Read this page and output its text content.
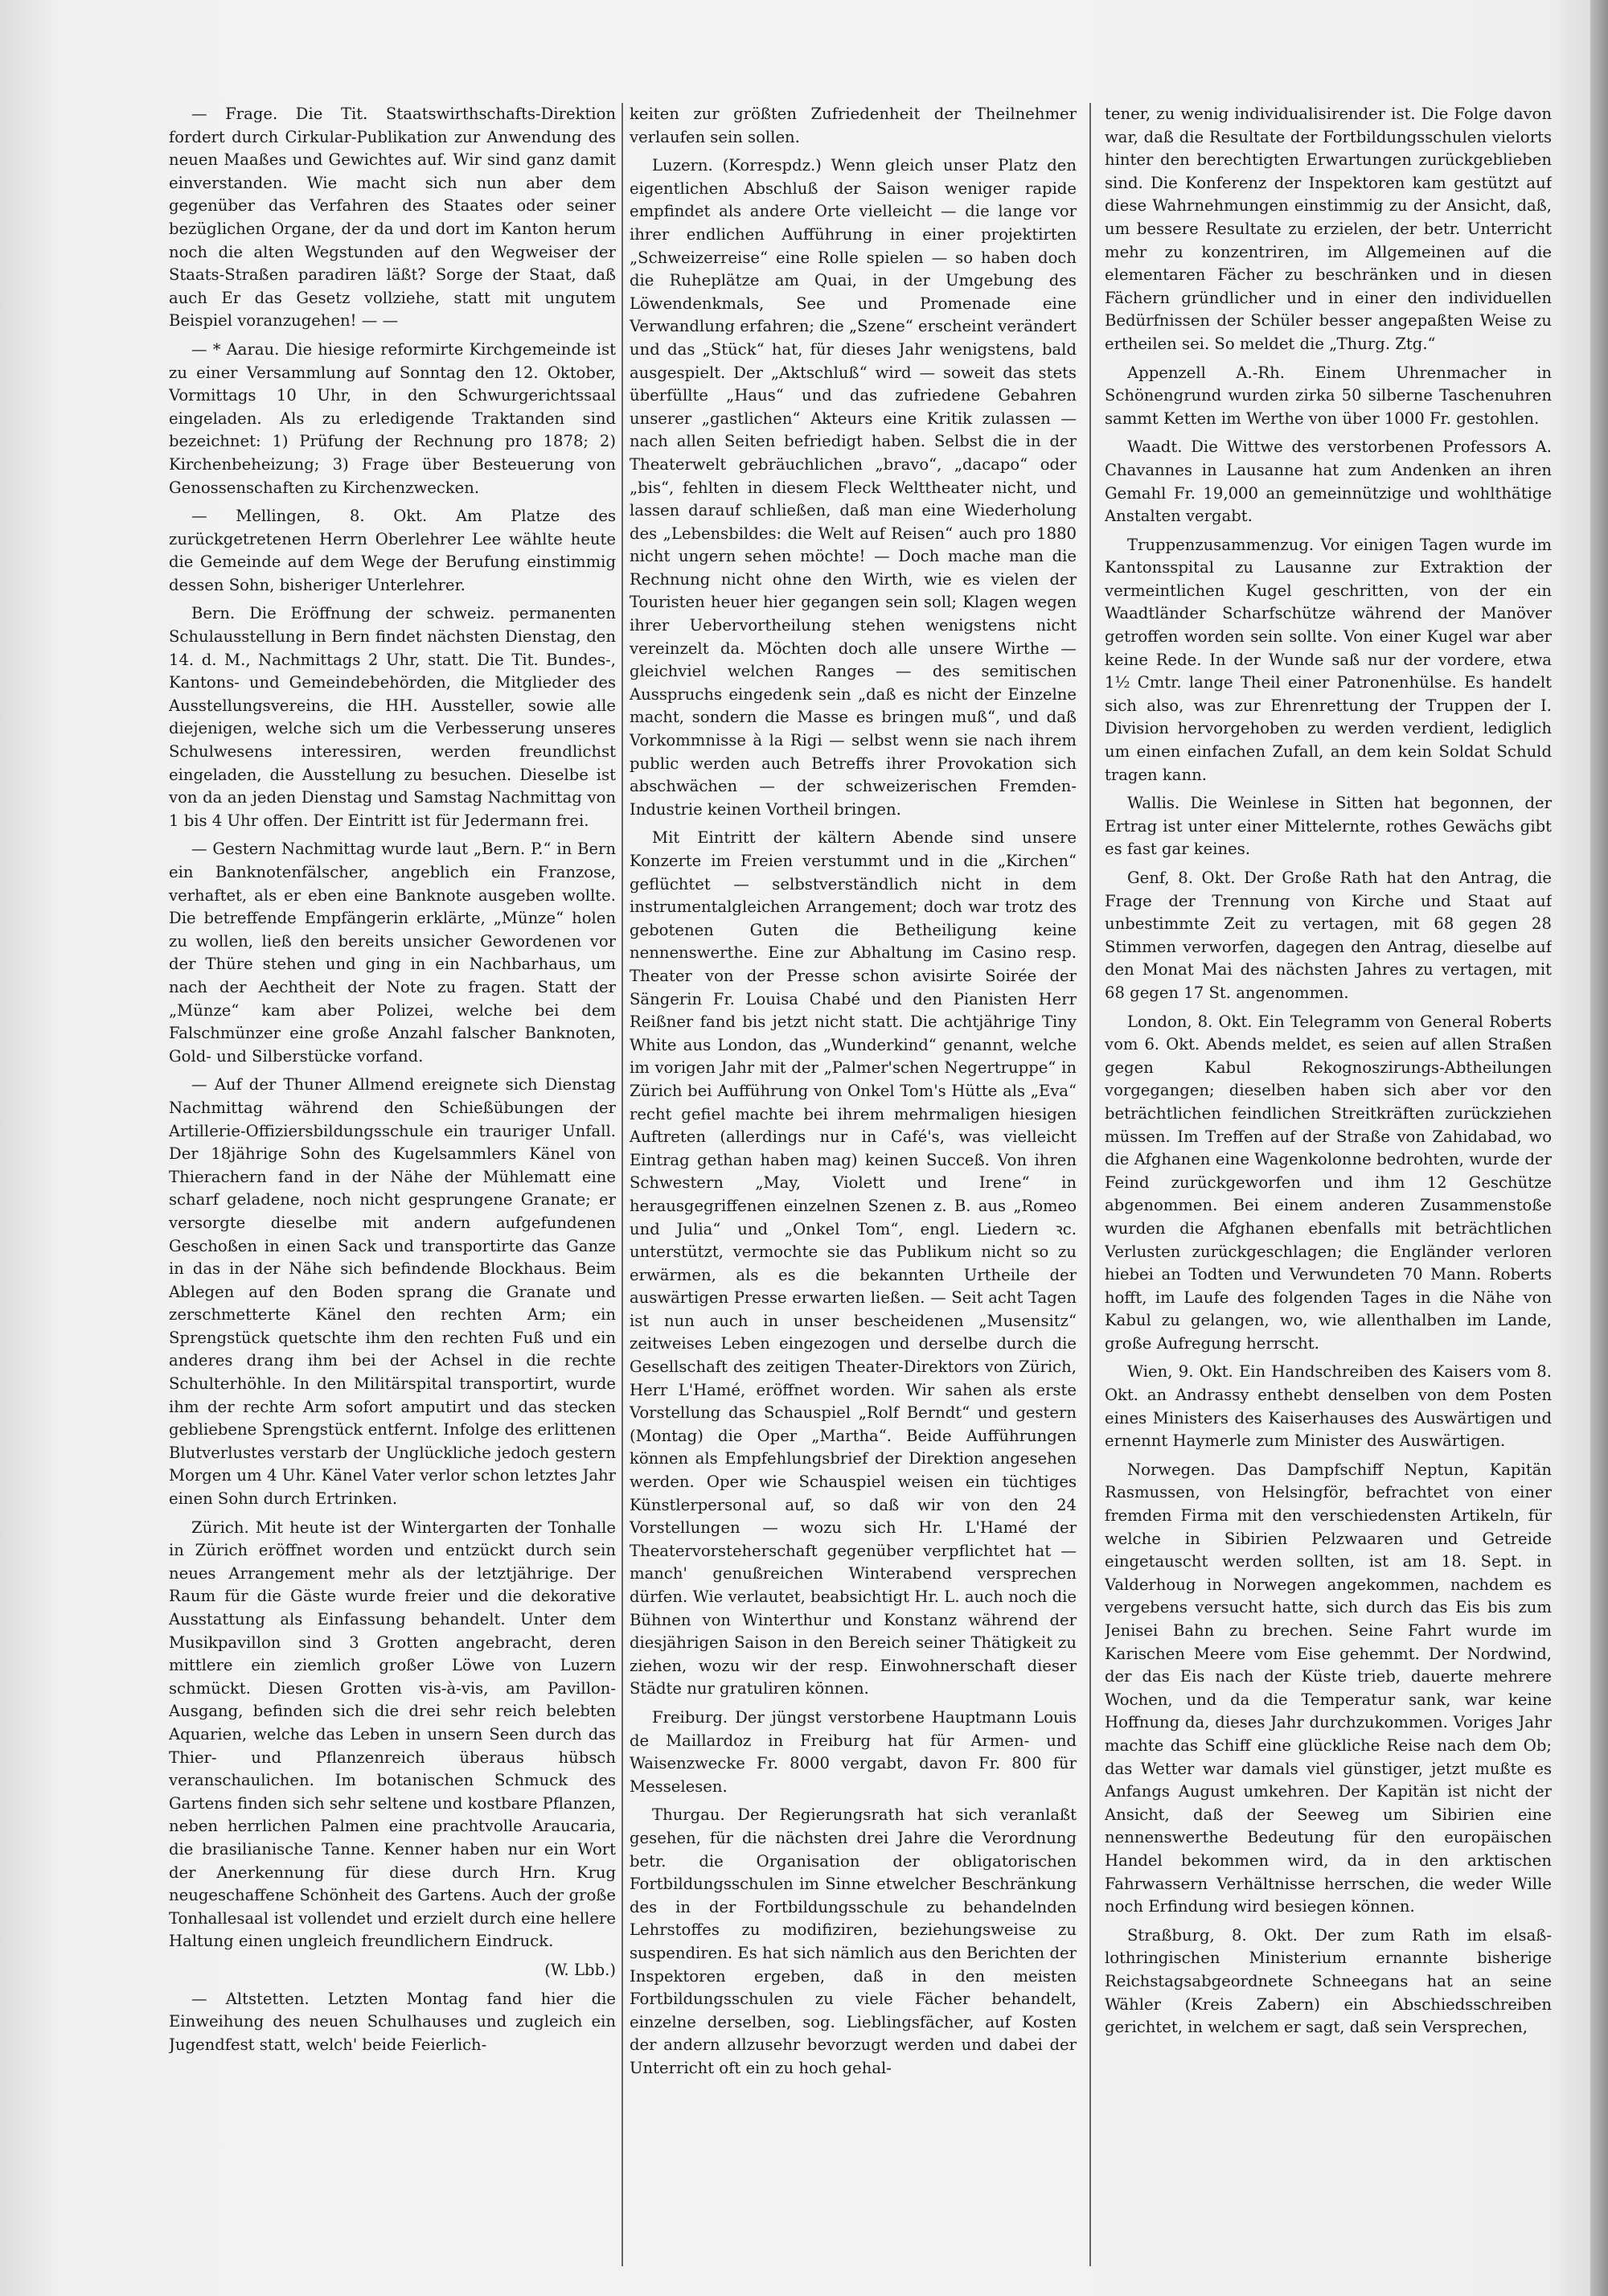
— Frage. Die Tit. Staatswirthschafts-Direktion fordert durch Cirkular-Publikation zur Anwendung des neuen Maaßes und Gewichtes auf. Wir sind ganz damit einverstanden. Wie macht sich nun aber dem gegenüber das Verfahren des Staates oder seiner bezüglichen Organe, der da und dort im Kanton herum noch die alten Wegstunden auf den Wegweiser der Staats-Straßen paradiren läßt? Sorge der Staat, daß auch Er das Gesetz vollziehe, statt mit ungutem Beispiel voranzugehen! — —

— * Aarau. Die hiesige reformirte Kirchgemeinde ist zu einer Versammlung auf Sonntag den 12. Oktober, Vormittags 10 Uhr, in den Schwurgerichtssaal eingeladen. Als zu erledigende Traktanden sind bezeichnet: 1) Prüfung der Rechnung pro 1878; 2) Kirchenbeheizung; 3) Frage über Besteuerung von Genossenschaften zu Kirchenzwecken.

— Mellingen, 8. Okt. Am Platze des zurückgetretenen Herrn Oberlehrer Lee wählte heute die Gemeinde auf dem Wege der Berufung einstimmig dessen Sohn, bisheriger Unterlehrer.

Bern. Die Eröffnung der schweiz. permanenten Schulausstellung in Bern findet nächsten Dienstag, den 14. d. M., Nachmittags 2 Uhr, statt. Die Tit. Bundes-, Kantons- und Gemeindebehörden, die Mitglieder des Ausstellungsvereins, die HH. Aussteller, sowie alle diejenigen, welche sich um die Verbesserung unseres Schulwesens interessiren, werden freundlichst eingeladen, die Ausstellung zu besuchen. Dieselbe ist von da an jeden Dienstag und Samstag Nachmittag von 1 bis 4 Uhr offen. Der Eintritt ist für Jedermann frei.

— Gestern Nachmittag wurde laut „Bern. P.“ in Bern ein Banknotenfälscher, angeblich ein Franzose, verhaftet, als er eben eine Banknote ausgeben wollte. Die betreffende Empfängerin erklärte, „Münze“ holen zu wollen, ließ den bereits unsicher Gewordenen vor der Thüre stehen und ging in ein Nachbarhaus, um nach der Aechtheit der Note zu fragen. Statt der „Münze“ kam aber Polizei, welche bei dem Falschmünzer eine große Anzahl falscher Banknoten, Gold- und Silberstücke vorfand.

— Auf der Thuner Allmend ereignete sich Dienstag Nachmittag während den Schießübungen der Artillerie-Offiziersbildungsschule ein trauriger Unfall. Der 18jährige Sohn des Kugelsammlers Känel von Thierachern fand in der Nähe der Mühlematt eine scharf geladene, noch nicht gesprungene Granate; er versorgte dieselbe mit andern aufgefundenen Geschoßen in einen Sack und transportirte das Ganze in das in der Nähe sich befindende Blockhaus. Beim Ablegen auf den Boden sprang die Granate und zerschmetterte Känel den rechten Arm; ein Sprengstück quetschte ihm den rechten Fuß und ein anderes drang ihm bei der Achsel in die rechte Schulterhöhle. In den Militärspital transportirt, wurde ihm der rechte Arm sofort amputirt und das stecken gebliebene Sprengstück entfernt. Infolge des erlittenen Blutverlustes verstarb der Unglückliche jedoch gestern Morgen um 4 Uhr. Känel Vater verlor schon letztes Jahr einen Sohn durch Ertrinken.

Zürich. Mit heute ist der Wintergarten der Tonhalle in Zürich eröffnet worden und entzückt durch sein neues Arrangement mehr als der letztjährige. Der Raum für die Gäste wurde freier und die dekorative Ausstattung als Einfassung behandelt. Unter dem Musikpavillon sind 3 Grotten angebracht, deren mittlere ein ziemlich großer Löwe von Luzern schmückt. Diesen Grotten vis-à-vis, am Pavillon-Ausgang, befinden sich die drei sehr reich belebten Aquarien, welche das Leben in unsern Seen durch das Thier- und Pflanzenreich überaus hübsch veranschaulichen. Im botanischen Schmuck des Gartens finden sich sehr seltene und kostbare Pflanzen, neben herrlichen Palmen eine prachtvolle Araucaria, die brasilianische Tanne. Kenner haben nur ein Wort der Anerkennung für diese durch Hrn. Krug neugeschaffene Schönheit des Gartens. Auch der große Tonhallesaal ist vollendet und erzielt durch eine hellere Haltung einen ungleich freundlichern Eindruck.

(W. Lbb.)

— Altstetten. Letzten Montag fand hier die Einweihung des neuen Schulhauses und zugleich ein Jugendfest statt, welch' beide Feierlich-

keiten zur größten Zufriedenheit der Theilnehmer verlaufen sein sollen.

Luzern. (Korrespdz.) Wenn gleich unser Platz den eigentlichen Abschluß der Saison weniger rapide empfindet als andere Orte vielleicht — die lange vor ihrer endlichen Aufführung in einer projektirten „Schweizerreise“ eine Rolle spielen — so haben doch die Ruheplätze am Quai, in der Umgebung des Löwendenkmals, See und Promenade eine Verwandlung erfahren; die „Szene“ erscheint verändert und das „Stück“ hat, für dieses Jahr wenigstens, bald ausgespielt. Der „Aktschluß“ wird — soweit das stets überfüllte „Haus“ und das zufriedene Gebahren unserer „gastlichen“ Akteurs eine Kritik zulassen — nach allen Seiten befriedigt haben. Selbst die in der Theaterwelt gebräuchlichen „bravo“, „dacapo“ oder „bis“, fehlten in diesem Fleck Welttheater nicht, und lassen darauf schließen, daß man eine Wiederholung des „Lebensbildes: die Welt auf Reisen“ auch pro 1880 nicht ungern sehen möchte! — Doch mache man die Rechnung nicht ohne den Wirth, wie es vielen der Touristen heuer hier gegangen sein soll; Klagen wegen ihrer Uebervortheilung stehen wenigstens nicht vereinzelt da. Möchten doch alle unsere Wirthe — gleichviel welchen Ranges — des semitischen Ausspruchs eingedenk sein „daß es nicht der Einzelne macht, sondern die Masse es bringen muß“, und daß Vorkommnisse à la Rigi — selbst wenn sie nach ihrem public werden auch Betreffs ihrer Provokation sich abschwächen — der schweizerischen Fremden-Industrie keinen Vortheil bringen.

Mit Eintritt der kältern Abende sind unsere Konzerte im Freien verstummt und in die „Kirchen“ geflüchtet — selbstverständlich nicht in dem instrumentalgleichen Arrangement; doch war trotz des gebotenen Guten die Betheiligung keine nennenswerthe. Eine zur Abhaltung im Casino resp. Theater von der Presse schon avisirte Soirée der Sängerin Fr. Louisa Chabé und den Pianisten Herr Reißner fand bis jetzt nicht statt. Die achtjährige Tiny White aus London, das „Wunderkind“ genannt, welche im vorigen Jahr mit der „Palmer'schen Negertruppe“ in Zürich bei Aufführung von Onkel Tom's Hütte als „Eva“ recht gefiel machte bei ihrem mehrmaligen hiesigen Auftreten (allerdings nur in Café's, was vielleicht Eintrag gethan haben mag) keinen Succeß. Von ihren Schwestern „May, Violett und Irene“ in herausgegriffenen einzelnen Szenen z. B. aus „Romeo und Julia“ und „Onkel Tom“, engl. Liedern ꝛc. unterstützt, vermochte sie das Publikum nicht so zu erwärmen, als es die bekannten Urtheile der auswärtigen Presse erwarten ließen. — Seit acht Tagen ist nun auch in unser bescheidenen „Musensitz“ zeitweises Leben eingezogen und derselbe durch die Gesellschaft des zeitigen Theater-Direktors von Zürich, Herr L'Hamé, eröffnet worden. Wir sahen als erste Vorstellung das Schauspiel „Rolf Berndt“ und gestern (Montag) die Oper „Martha“. Beide Aufführungen können als Empfehlungsbrief der Direktion angesehen werden. Oper wie Schauspiel weisen ein tüchtiges Künstlerpersonal auf, so daß wir von den 24 Vorstellungen — wozu sich Hr. L'Hamé der Theatervorsteherschaft gegenüber verpflichtet hat — manch' genußreichen Winterabend versprechen dürfen. Wie verlautet, beabsichtigt Hr. L. auch noch die Bühnen von Winterthur und Konstanz während der diesjährigen Saison in den Bereich seiner Thätigkeit zu ziehen, wozu wir der resp. Einwohnerschaft dieser Städte nur gratuliren können.

Freiburg. Der jüngst verstorbene Hauptmann Louis de Maillardoz in Freiburg hat für Armen- und Waisenzwecke Fr. 8000 vergabt, davon Fr. 800 für Messelesen.

Thurgau. Der Regierungsrath hat sich veranlaßt gesehen, für die nächsten drei Jahre die Verordnung betr. die Organisation der obligatorischen Fortbildungsschulen im Sinne etwelcher Beschränkung des in der Fortbildungsschule zu behandelnden Lehrstoffes zu modifiziren, beziehungsweise zu suspendiren. Es hat sich nämlich aus den Berichten der Inspektoren ergeben, daß in den meisten Fortbildungsschulen zu viele Fächer behandelt, einzelne derselben, sog. Lieblingsfächer, auf Kosten der andern allzusehr bevorzugt werden und dabei der Unterricht oft ein zu hoch gehal-

tener, zu wenig individualisirender ist. Die Folge davon war, daß die Resultate der Fortbildungsschulen vielorts hinter den berechtigten Erwartungen zurückgeblieben sind. Die Konferenz der Inspektoren kam gestützt auf diese Wahrnehmungen einstimmig zu der Ansicht, daß, um bessere Resultate zu erzielen, der betr. Unterricht mehr zu konzentriren, im Allgemeinen auf die elementaren Fächer zu beschränken und in diesen Fächern gründlicher und in einer den individuellen Bedürfnissen der Schüler besser angepaßten Weise zu ertheilen sei. So meldet die „Thurg. Ztg.“

Appenzell A.-Rh. Einem Uhrenmacher in Schönengrund wurden zirka 50 silberne Taschenuhren sammt Ketten im Werthe von über 1000 Fr. gestohlen.

Waadt. Die Wittwe des verstorbenen Professors A. Chavannes in Lausanne hat zum Andenken an ihren Gemahl Fr. 19,000 an gemeinnützige und wohlthätige Anstalten vergabt.

Truppenzusammenzug. Vor einigen Tagen wurde im Kantonsspital zu Lausanne zur Extraktion der vermeintlichen Kugel geschritten, von der ein Waadtländer Scharfschütze während der Manöver getroffen worden sein sollte. Von einer Kugel war aber keine Rede. In der Wunde saß nur der vordere, etwa 1½ Cmtr. lange Theil einer Patronenhülse. Es handelt sich also, was zur Ehrenrettung der Truppen der I. Division hervorgehoben zu werden verdient, lediglich um einen einfachen Zufall, an dem kein Soldat Schuld tragen kann.

Wallis. Die Weinlese in Sitten hat begonnen, der Ertrag ist unter einer Mittelernte, rothes Gewächs gibt es fast gar keines.

Genf, 8. Okt. Der Große Rath hat den Antrag, die Frage der Trennung von Kirche und Staat auf unbestimmte Zeit zu vertagen, mit 68 gegen 28 Stimmen verworfen, dagegen den Antrag, dieselbe auf den Monat Mai des nächsten Jahres zu vertagen, mit 68 gegen 17 St. angenommen.

London, 8. Okt. Ein Telegramm von General Roberts vom 6. Okt. Abends meldet, es seien auf allen Straßen gegen Kabul Rekognoszirungs-Abtheilungen vorgegangen; dieselben haben sich aber vor den beträchtlichen feindlichen Streitkräften zurückziehen müssen. Im Treffen auf der Straße von Zahidabad, wo die Afghanen eine Wagenkolonne bedrohten, wurde der Feind zurückgeworfen und ihm 12 Geschütze abgenommen. Bei einem anderen Zusammenstoße wurden die Afghanen ebenfalls mit beträchtlichen Verlusten zurückgeschlagen; die Engländer verloren hiebei an Todten und Verwundeten 70 Mann. Roberts hofft, im Laufe des folgenden Tages in die Nähe von Kabul zu gelangen, wo, wie allenthalben im Lande, große Aufregung herrscht.

Wien, 9. Okt. Ein Handschreiben des Kaisers vom 8. Okt. an Andrassy enthebt denselben von dem Posten eines Ministers des Kaiserhauses des Auswärtigen und ernennt Haymerle zum Minister des Auswärtigen.

Norwegen. Das Dampfschiff Neptun, Kapitän Rasmussen, von Helsingför, befrachtet von einer fremden Firma mit den verschiedensten Artikeln, für welche in Sibirien Pelzwaaren und Getreide eingetauscht werden sollten, ist am 18. Sept. in Valderhoug in Norwegen angekommen, nachdem es vergebens versucht hatte, sich durch das Eis bis zum Jenisei Bahn zu brechen. Seine Fahrt wurde im Karischen Meere vom Eise gehemmt. Der Nordwind, der das Eis nach der Küste trieb, dauerte mehrere Wochen, und da die Temperatur sank, war keine Hoffnung da, dieses Jahr durchzukommen. Voriges Jahr machte das Schiff eine glückliche Reise nach dem Ob; das Wetter war damals viel günstiger, jetzt mußte es Anfangs August umkehren. Der Kapitän ist nicht der Ansicht, daß der Seeweg um Sibirien eine nennenswerthe Bedeutung für den europäischen Handel bekommen wird, da in den arktischen Fahrwassern Verhältnisse herrschen, die weder Wille noch Erfindung wird besiegen können.

Straßburg, 8. Okt. Der zum Rath im elsaß-lothringischen Ministerium ernannte bisherige Reichstagsabgeordnete Schneegans hat an seine Wähler (Kreis Zabern) ein Abschiedsschreiben gerichtet, in welchem er sagt, daß sein Versprechen,
